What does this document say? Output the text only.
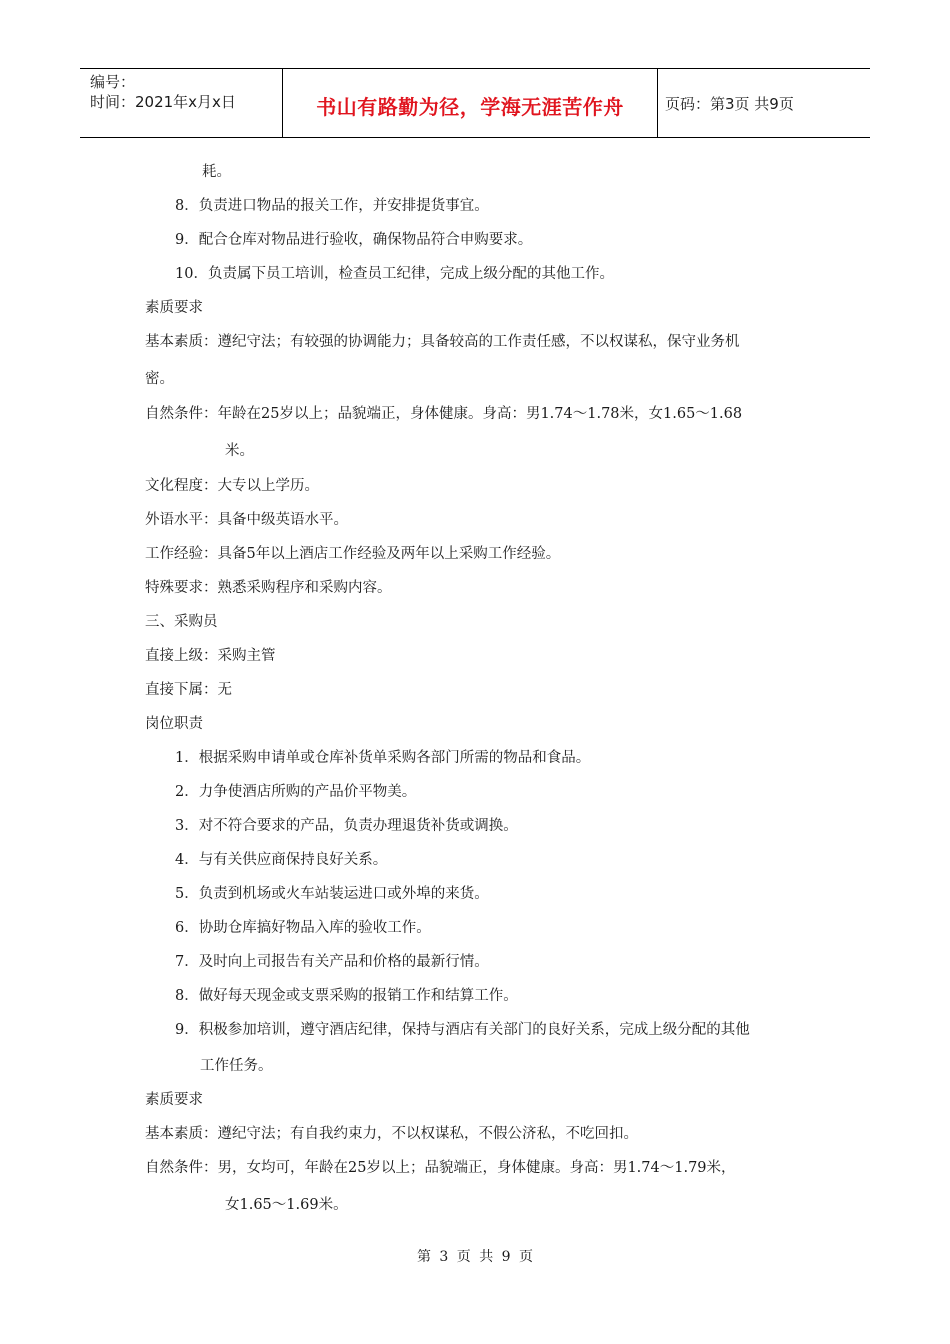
编号：
时间：2021年x月x日	书山有路勤为径，学海无涯苦作舟	页码：第3页 共9页
耗。
8．负责进口物品的报关工作，并安排提货事宜。
9．配合仓库对物品进行验收，确保物品符合申购要求。
10．负责属下员工培训，检查员工纪律，完成上级分配的其他工作。
素质要求
基本素质：遵纪守法；有较强的协调能力；具备较高的工作责任感，不以权谋私，保守业务机
密。
自然条件：年龄在25岁以上；品貌端正，身体健康。身高：男1.74～1.78米，女1.65～1.68
米。
文化程度：大专以上学历。
外语水平：具备中级英语水平。
工作经验：具备5年以上酒店工作经验及两年以上采购工作经验。
特殊要求：熟悉采购程序和采购内容。
三、采购员
直接上级：采购主管
直接下属：无
岗位职责
1．根据采购申请单或仓库补货单采购各部门所需的物品和食品。
2．力争使酒店所购的产品价平物美。
3．对不符合要求的产品，负责办理退货补货或调换。
4．与有关供应商保持良好关系。
5．负责到机场或火车站装运进口或外埠的来货。
6．协助仓库搞好物品入库的验收工作。
7．及时向上司报告有关产品和价格的最新行情。
8．做好每天现金或支票采购的报销工作和结算工作。
9．积极参加培训，遵守酒店纪律，保持与酒店有关部门的良好关系，完成上级分配的其他
工作任务。
素质要求
基本素质：遵纪守法；有自我约束力，不以权谋私，不假公济私，不吃回扣。
自然条件：男，女均可，年龄在25岁以上；品貌端正，身体健康。身高：男1.74～1.79米，
女1.65～1.69米。
第 3 页 共 9 页
